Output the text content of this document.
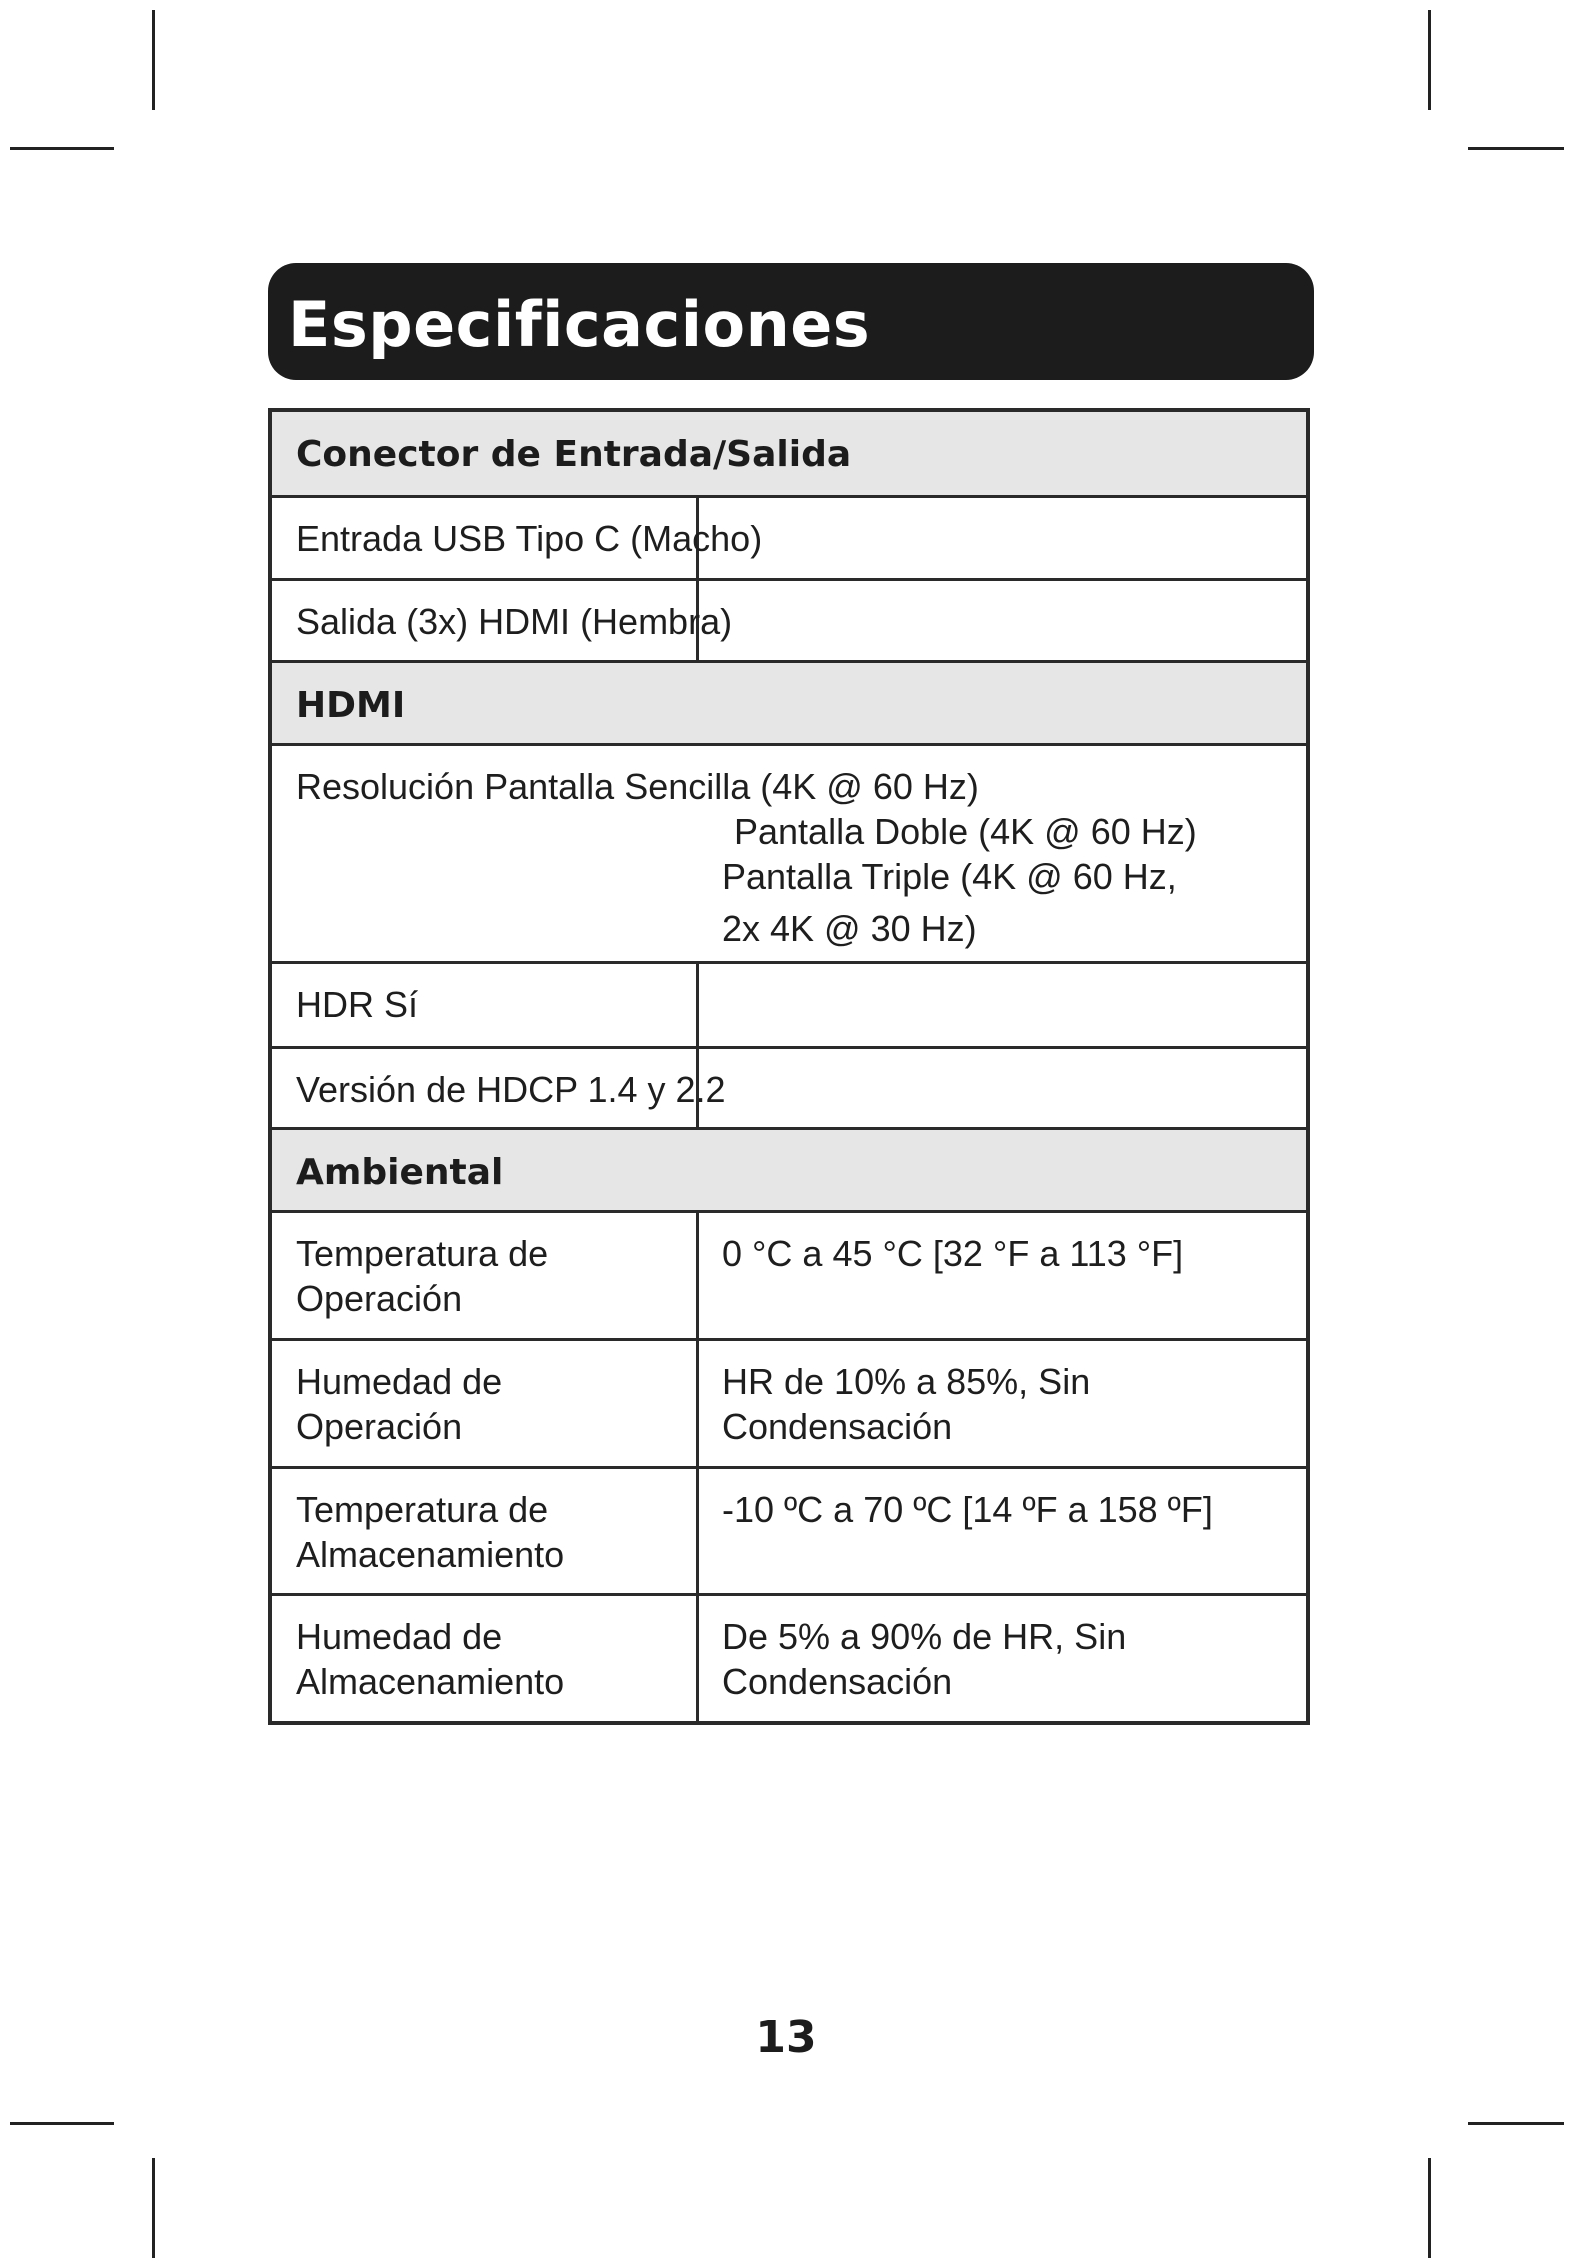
Especificaciones
Conector de Entrada/Salida
Entrada USB Tipo C (Macho)
Salida (3x) HDMI (Hembra)
HDMI
Resolución Pantalla Sencilla (4K @ 60 Hz)
Pantalla Doble (4K @ 60 Hz)
Pantalla Triple (4K @ 60 Hz,
2x 4K @ 30 Hz)
HDR Sí
Versión de HDCP 1.4 y 2.2
Ambiental
Temperatura de Operación
0 °C a 45 °C [32 °F a 113 °F]
Humedad de Operación
HR de 10% a 85%, Sin Condensación
Temperatura de Almacenamiento
-10 ºC a 70 ºC [14 ºF a 158 ºF]
Humedad de Almacenamiento
De 5% a 90% de HR, Sin Condensación
13
